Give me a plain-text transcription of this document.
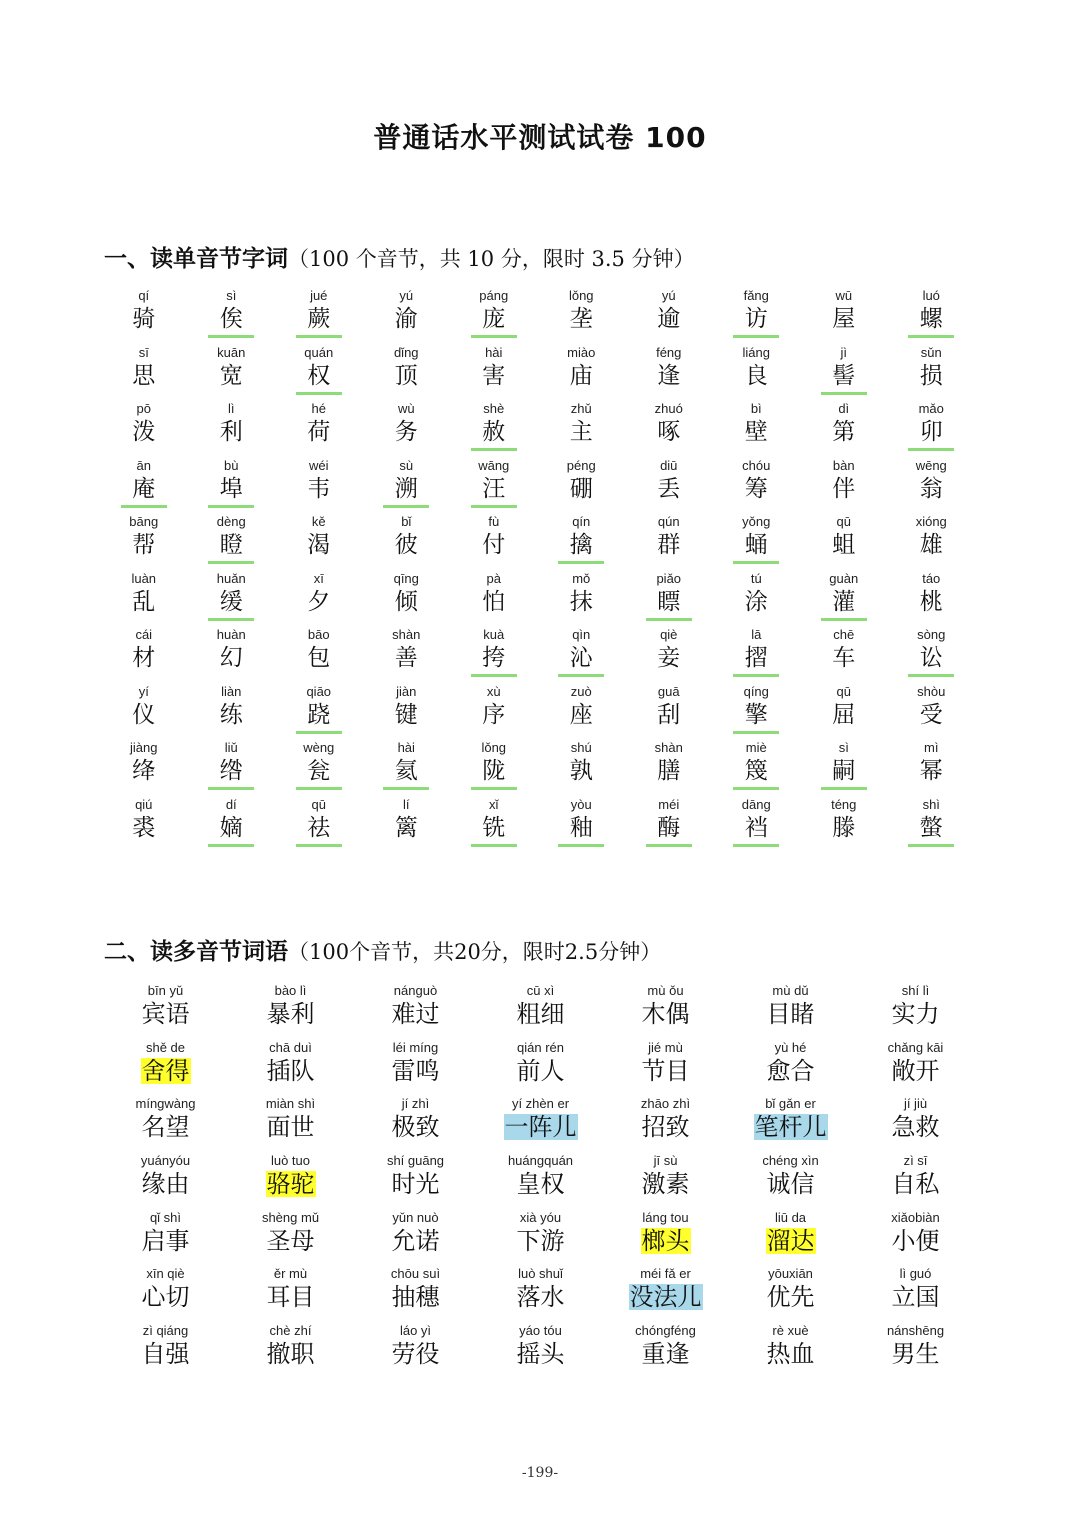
普通话水平测试试卷 100
一、读单音节字词（100 个音节，共 10 分，限时 3.5 分钟）
qí
骑
sì
俟
jué
蕨
yú
渝
páng
庞
lǒng
垄
yú
逾
fǎng
访
wū
屋
luó
螺
sī
思
kuān
宽
quán
权
dǐng
顶
hài
害
miào
庙
féng
逢
liáng
良
jì
髻
sǔn
损
pō
泼
lì
利
hé
荷
wù
务
shè
赦
zhǔ
主
zhuó
啄
bì
壁
dì
第
mǎo
卯
ān
庵
bù
埠
wéi
韦
sù
溯
wāng
汪
péng
硼
diū
丢
chóu
筹
bàn
伴
wēng
翁
bāng
帮
dèng
瞪
kě
渴
bǐ
彼
fù
付
qín
擒
qún
群
yǒng
蛹
qū
蛆
xióng
雄
luàn
乱
huǎn
缓
xī
夕
qīng
倾
pà
怕
mǒ
抹
piǎo
瞟
tú
涂
guàn
灌
táo
桃
cái
材
huàn
幻
bāo
包
shàn
善
kuà
挎
qìn
沁
qiè
妾
lā
摺
chē
车
sòng
讼
yí
仪
liàn
练
qiāo
跷
jiàn
键
xù
序
zuò
座
guā
刮
qíng
擎
qū
屈
shòu
受
jiàng
绛
liǔ
绺
wèng
瓮
hài
氦
lǒng
陇
shú
孰
shàn
膳
miè
篾
sì
嗣
mì
幂
qiú
裘
dí
嫡
qū
祛
lí
篱
xǐ
铣
yòu
釉
méi
酶
dāng
裆
téng
滕
shì
螫
二、读多音节词语（100个音节，共20分，限时2.5分钟）
bīn yǔ
宾语
bào lì
暴利
nánguò
难过
cū xì
粗细
mù ǒu
木偶
mù dǔ
目睹
shí lì
实力
shě de
舍得
chā duì
插队
léi míng
雷鸣
qián rén
前人
jié mù
节目
yù hé
愈合
chǎng kāi
敞开
míngwàng
名望
miàn shì
面世
jí zhì
极致
yí zhèn er
一阵儿
zhāo zhì
招致
bǐ gǎn er
笔杆儿
jí jiù
急救
yuányóu
缘由
luò tuo
骆驼
shí guāng
时光
huángquán
皇权
jī sù
激素
chéng xìn
诚信
zì sī
自私
qǐ shì
启事
shèng mǔ
圣母
yǔn nuò
允诺
xià yóu
下游
láng tou
榔头
liū da
溜达
xiǎobiàn
小便
xīn qiè
心切
ěr mù
耳目
chōu suì
抽穗
luò shuǐ
落水
méi fǎ er
没法儿
yōuxiān
优先
lì guó
立国
zì qiáng
自强
chè zhí
撤职
láo yì
劳役
yáo tóu
摇头
chóngféng
重逢
rè xuè
热血
nánshēng
男生
-199-
